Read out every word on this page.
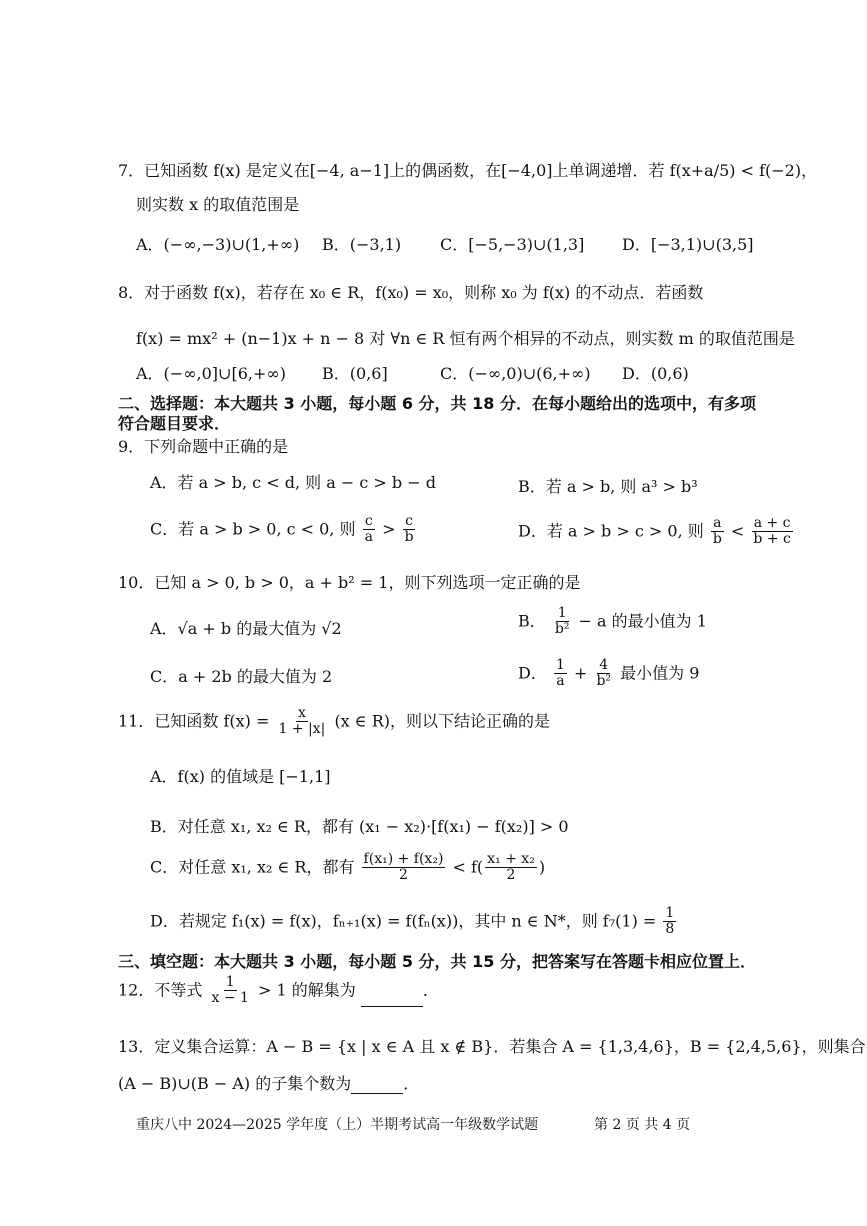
7．已知函数 f(x) 是定义在[−4, a−1]上的偶函数，在[−4,0]上单调递增．若 f(x+a/5) < f(−2)，
则实数 x 的取值范围是
A．(−∞,−3)∪(1,+∞) B．(−3,1) C．[−5,−3)∪(1,3] D．[−3,1)∪(3,5]
8．对于函数 f(x)，若存在 x₀ ∈ R，f(x₀) = x₀，则称 x₀ 为 f(x) 的不动点．若函数
f(x) = mx² + (n−1)x + n − 8 对 ∀n ∈ R 恒有两个相异的不动点，则实数 m 的取值范围是
A．(−∞,0]∪[6,+∞) B．(0,6]	C．(−∞,0)∪(6,+∞) D．(0,6)
二、选择题：本大题共 3 小题，每小题 6 分，共 18 分．在每小题给出的选项中，有多项
符合题目要求．
9．下列命题中正确的是
A．若 a > b, c < d, 则 a − c > b − d	B．若 a > b, 则 a³ > b³
C．若 a > b > 0, c < 0, 则 $\frac{c}{a} > \frac{c}{b}$	D．若 a > b > c > 0, 则 $\frac{a}{b} < \frac{a + c}{b + c}$
10．已知 a > 0, b > 0，a + b² = 1，则下列选项一定正确的是
A．√a + b 的最大值为 √2	B． $\frac{1}{\text{b²}} - a$ 的最小值为 1
C．a + 2b 的最大值为 2	D． $\frac{1}{a} + \frac{4}{\text{b²}}$ 最小值为 9
11．已知函数 $f(x) = \frac{x}{1 + |x|} (x$ ∈ R)，则以下结论正确的是
A．f(x) 的值域是 [−1,1]
B．对任意 x₁, x₂ ∈ R，都有 (x₁ − x₂)·[f(x₁) − f(x₂)] > 0
C．对任意 x₁, x₂ ∈ R，都有 $\frac{\text{f(x₁) + f(x₂)}}{2} < f( \frac{\text{x₁ + x₂}}{2}$ )
D．若规定 f₁(x) = f(x)，fₙ₊₁(x) = f(fₙ(x))，其中 n ∈ N*，则 $f_7(1) = \frac{1}{8}$
三、填空题：本大题共 3 小题，每小题 5 分，共 15 分，把答案写在答题卡相应位置上．
12．不等式 $\frac{1}{x - 1} > 1$ 的解集为	．
13．定义集合运算：A − B = {x | x ∈ A 且 x ∉ B}．若集合 A = {1,3,4,6}，B = {2,4,5,6}，则集合
(A − B)∪(B − A) 的子集个数为	．
重庆八中 2024—2025 学年度（上）半期考试高一年级数学试题	第 2 页 共 4 页
